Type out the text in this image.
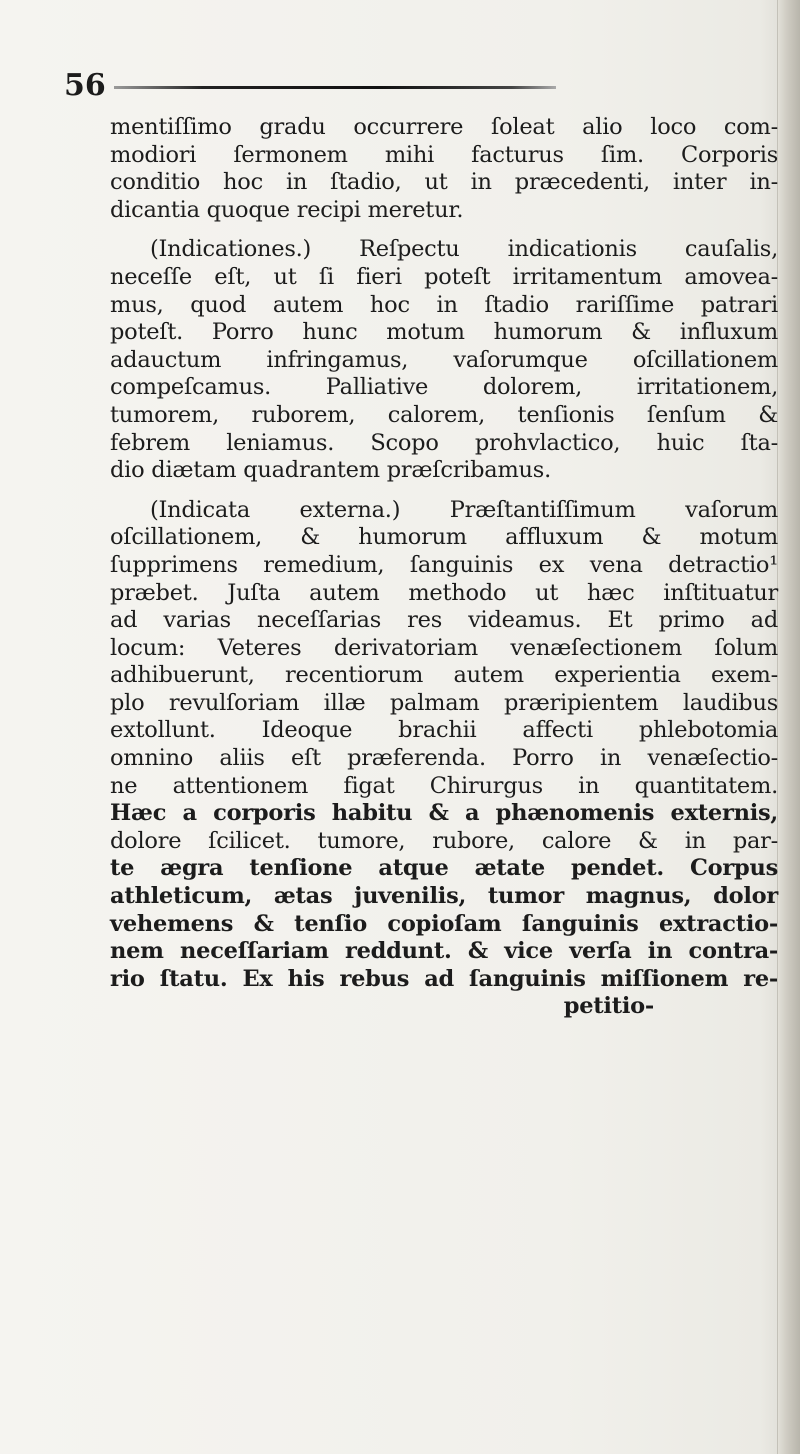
56
mentiſſimo gradu occurrere ſoleat alio loco com-
modiori ſermonem mihi facturus ſim. Corporis
conditio hoc in ſtadio, ut in præcedenti, inter in-
dicantia quoque recipi meretur.
(Indicationes.) Reſpectu indicationis cauſalis,
neceſſe eſt, ut ſi fieri poteſt irritamentum amovea-
mus, quod autem hoc in ſtadio rariſſime patrari
poteſt. Porro hunc motum humorum & influxum
adauctum infringamus, vaſorumque oſcillationem
compeſcamus. Palliative dolorem, irritationem,
tumorem, ruborem, calorem, tenſionis ſenſum &
febrem leniamus. Scopo prohvlactico, huic ſta-
dio diætam quadrantem præſcribamus.
(Indicata externa.) Præſtantiſſimum vaſorum
oſcillationem, & humorum affluxum & motum
ſupprimens remedium, ſanguinis ex vena detractio¹
præbet. Juſta autem methodo ut hæc inſtituatur
ad varias neceſſarias res videamus. Et primo ad
locum: Veteres derivatoriam venæſectionem ſolum
adhibuerunt, recentiorum autem experientia exem-
plo revulſoriam illæ palmam præripientem laudibus
extollunt. Ideoque brachii affecti phlebotomia
omnino aliis eſt præferenda. Porro in venæſectio-
ne attentionem figat Chirurgus in quantitatem.
Hæc a corporis habitu & a phænomenis externis,
dolore ſcilicet. tumore, rubore, calore & in par-
te ægra tenſione atque ætate pendet. Corpus
athleticum, ætas juvenilis, tumor magnus, dolor
vehemens & tenſio copioſam ſanguinis extractio-
nem neceſſariam reddunt. & vice verſa in contra-
rio ſtatu. Ex his rebus ad ſanguinis miſſionem re-
petitio-
